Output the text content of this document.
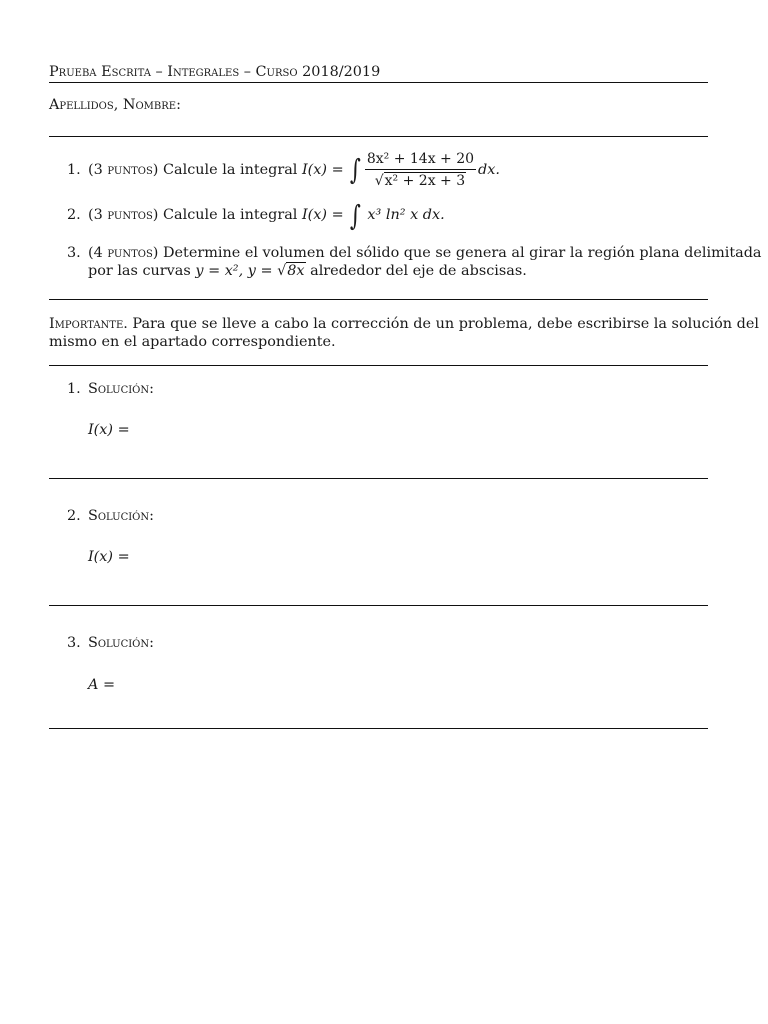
Prueba Escrita – Integrales – Curso 2018/2019
Apellidos, Nombre:
1. (3 puntos)
Calcule la integral
I(x) =
∫ $\frac{\text{8x² + 14x + 20}}{\text{√x² + 2x + 3}}$ dx.
2. (3 puntos) Calcule la integral I(x) = ∫ x³ ln² x dx.
3. (4 puntos) Determine el volumen del sólido que se genera al girar la región plana delimitada
por las curvas y = x², y = √8x alrededor del eje de abscisas.
Importante. Para que se lleve a cabo la corrección de un problema, debe escribirse la solución del
mismo en el apartado correspondiente.
1. Solución:
I(x) =
2. Solución:
I(x) =
3. Solución:
A =
